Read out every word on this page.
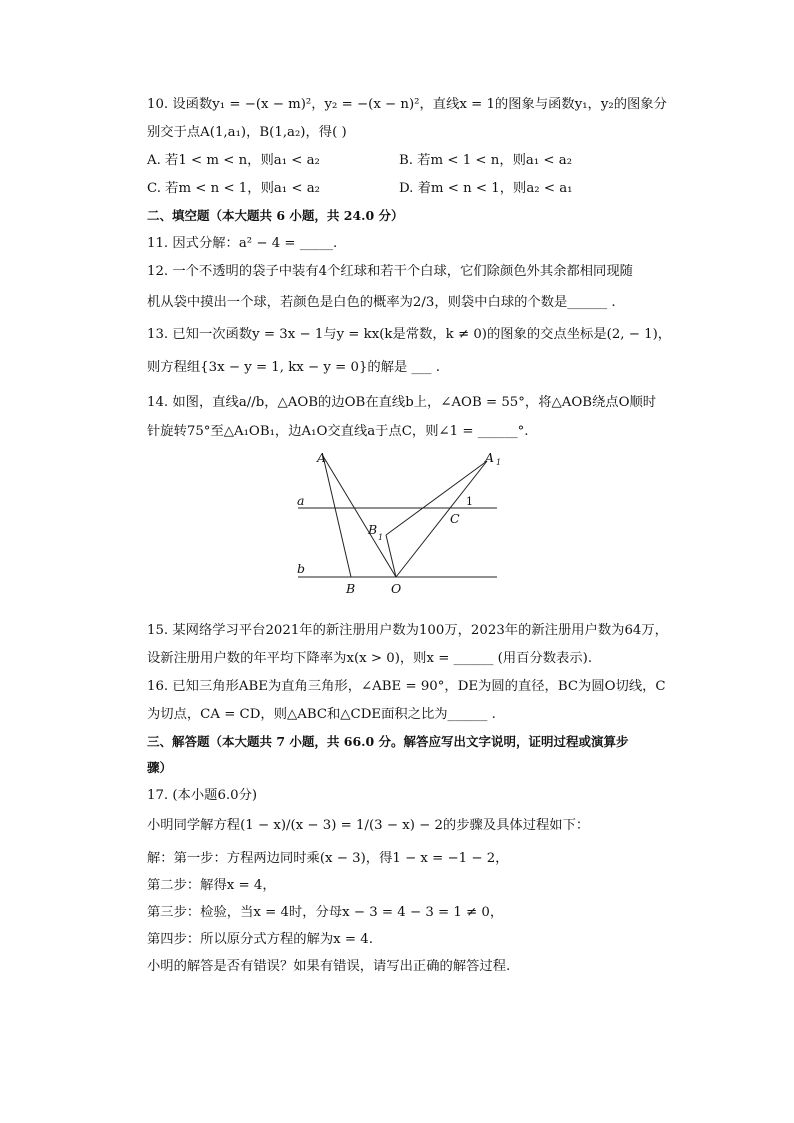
10. 设函数y₁ = −(x − m)²，y₂ = −(x − n)²，直线x = 1的图象与函数y₁，y₂的图象分
别交于点A(1,a₁)，B(1,a₂)，得( )
A. 若1 < m < n，则a₁ < a₂	B. 若m < 1 < n，则a₁ < a₂
C. 若m < n < 1，则a₁ < a₂	D. 着m < n < 1，则a₂ < a₁
二、填空题（本大题共 6 小题，共 24.0 分）
11. 因式分解：a² − 4 = _____.
12. 一个不透明的袋子中装有4个红球和若干个白球，它们除颜色外其余都相同现随
机从袋中摸出一个球，若颜色是白色的概率为2/3，则袋中白球的个数是______ .
13. 已知一次函数y = 3x − 1与y = kx(k是常数，k ≠ 0)的图象的交点坐标是(2, − 1)，
则方程组{3x − y = 1, kx − y = 0}的解是 ___ .
14. 如图，直线a//b，△AOB的边OB在直线b上，∠AOB = 55°，将△AOB绕点O顺时
针旋转75°至△A₁OB₁，边A₁O交直线a于点C，则∠1 = ______°.
A	A 1
a	1
C
B
1
b
B	O
15. 某网络学习平台2021年的新注册用户数为100万，2023年的新注册用户数为64万，
设新注册用户数的年平均下降率为x(x > 0)，则x = ______ (用百分数表示).
16. 已知三角形ABE为直角三角形，∠ABE = 90°，DE为圆的直径，BC为圆O切线，C
为切点，CA = CD，则△ABC和△CDE面积之比为______ .
三、解答题（本大题共 7 小题，共 66.0 分。解答应写出文字说明，证明过程或演算步
骤）
17. (本小题6.0分)
小明同学解方程(1 − x)/(x − 3) = 1/(3 − x) − 2的步骤及具体过程如下：
解：第一步：方程两边同时乘(x − 3)，得1 − x = −1 − 2，
第二步：解得x = 4，
第三步：检验，当x = 4时，分母x − 3 = 4 − 3 = 1 ≠ 0，
第四步：所以原分式方程的解为x = 4.
小明的解答是否有错误？如果有错误，请写出正确的解答过程.
